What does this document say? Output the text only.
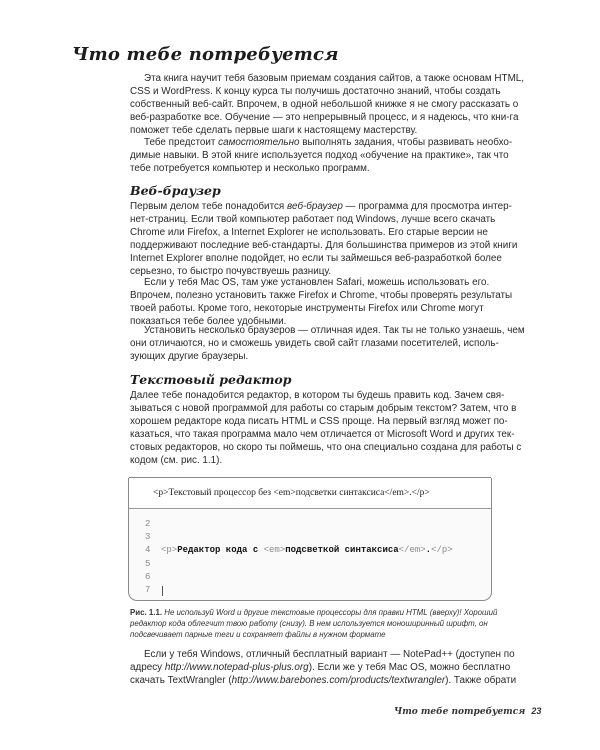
Что тебе потребуется

Эта книга научит тебя базовым приемам создания сайтов, а также основам HTML, CSS и WordPress. К концу курса ты получишь достаточно знаний, чтобы создать собственный веб-сайт. Впрочем, в одной небольшой книжке я не смогу рассказать о веб-разработке все. Обучение — это непрерывный процесс, и я надеюсь, что кни-га поможет тебе сделать первые шаги к настоящему мастерству.

Тебе предстоит самостоятельно выполнять задания, чтобы развивать необхо-димые навыки. В этой книге используется подход «обучение на практике», так что тебе потребуется компьютер и несколько программ.

Веб-браузер

Первым делом тебе понадобится веб-браузер — программа для просмотра интер-нет-страниц. Если твой компьютер работает под Windows, лучше всего скачать Chrome или Firefox, а Internet Explorer не использовать. Его старые версии не поддерживают последние веб-стандарты. Для большинства примеров из этой книги Internet Explorer вполне подойдет, но если ты займешься веб-разработкой более серьезно, то быстро почувствуешь разницу.

Если у тебя Mac OS, там уже установлен Safari, можешь использовать его. Впрочем, полезно установить также Firefox и Chrome, чтобы проверять результаты твоей работы. Кроме того, некоторые инструменты Firefox или Chrome могут показаться тебе более удобными.

Установить несколько браузеров — отличная идея. Так ты не только узнаешь, чем они отличаются, но и сможешь увидеть свой сайт глазами посетителей, исполь-зующих другие браузеры.

Текстовый редактор

Далее тебе понадобится редактор, в котором ты будешь править код. Зачем свя-зываться с новой программой для работы со старым добрым текстом? Затем, что в хорошем редакторе кода писать HTML и CSS проще. На первый взгляд может по-казаться, что такая программа мало чем отличается от Microsoft Word и других тек-стовых редакторов, но скоро ты поймешь, что она специально создана для работы с кодом (см. рис. 1.1).

<p>Текстовый процессор без <em>подсветки синтаксиса</em>.</p>
2
3
4	<p>Редактор кода с <em>подсветкой синтаксиса</em>.</p>
5
6
7

Рис. 1.1. Не используй Word и другие текстовые процессоры для правки HTML (вверху)! Хороший редактор кода облегчит твою работу (снизу). В нем используется моноширинный шрифт, он подсвечивает парные теги и сохраняет файлы в нужном формате

Если у тебя Windows, отличный бесплатный вариант — NotePad++ (доступен по адресу http://www.notepad-plus-plus.org). Если же у тебя Mac OS, можно бесплатно скачать TextWrangler (http://www.barebones.com/products/textwrangler). Также обрати

Что тебе потребуется 23
